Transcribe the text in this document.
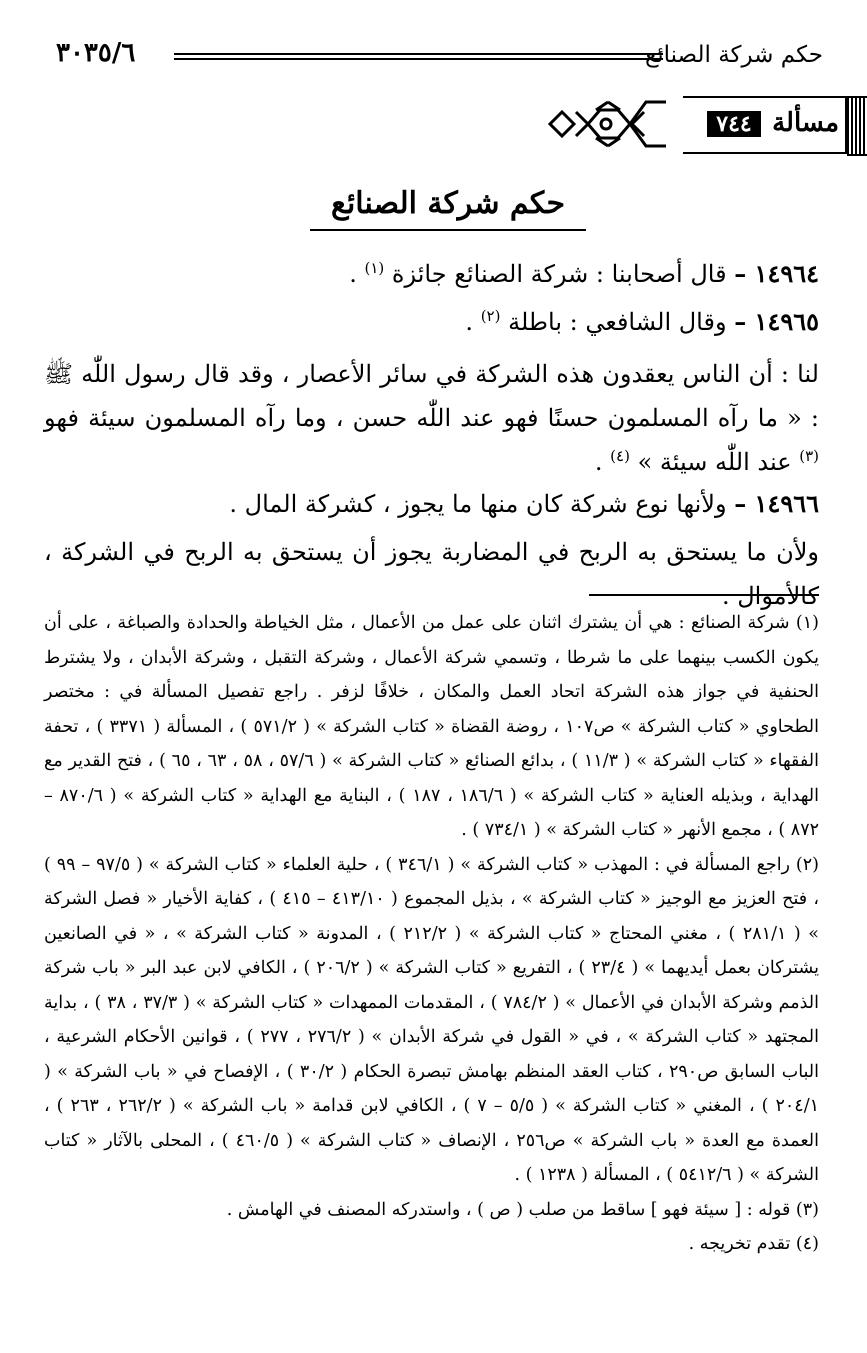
حكم شركة الصنائع
٣٠٣٥/٦
مسألة
٧٤٤
حكم شركة الصنائع
١٤٩٦٤ – قال أصحابنا : شركة الصنائع جائزة $^{(١)}$ .
١٤٩٦٥ – وقال الشافعي : باطلة $^{(٢)}$ .
لنا : أن الناس يعقدون هذه الشركة في سائر الأعصار ، وقد قال رسول اللّٰه ﷺ : « ما رآه المسلمون حسنًا فهو عند اللّٰه حسن ، وما رآه المسلمون سيئة فهو $^{(٣)}$ عند اللّٰه سيئة » $^{(٤)}$ .
١٤٩٦٦ – ولأنها نوع شركة كان منها ما يجوز ، كشركة المال .
ولأن ما يستحق به الربح في المضاربة يجوز أن يستحق به الربح في الشركة ، كالأموال .

(١) شركة الصنائع : هي أن يشترك اثنان على عمل من الأعمال ، مثل الخياطة والحدادة والصباغة ، على أن يكون الكسب بينهما على ما شرطا ، وتسمي شركة الأعمال ، وشركة التقبل ، وشركة الأبدان ، ولا يشترط الحنفية في جواز هذه الشركة اتحاد العمل والمكان ، خلافًا لزفر . راجع تفصيل المسألة في : مختصر الطحاوي « كتاب الشركة » ص١٠٧ ، روضة القضاة « كتاب الشركة » ( ٥٧١/٢ ) ، المسألة ( ٣٣٧١ ) ، تحفة الفقهاء « كتاب الشركة » ( ١١/٣ ) ، بدائع الصنائع « كتاب الشركة » ( ٥٧/٦ ، ٥٨ ، ٦٣ ، ٦٥ ) ، فتح القدير مع الهداية ، وبذيله العناية « كتاب الشركة » ( ١٨٦/٦ ، ١٨٧ ) ، البناية مع الهداية « كتاب الشركة » ( ٨٧٠/٦ – ٨٧٢ ) ، مجمع الأنهر « كتاب الشركة » ( ٧٣٤/١ ) .

(٢) راجع المسألة في : المهذب « كتاب الشركة » ( ٣٤٦/١ ) ، حلية العلماء « كتاب الشركة » ( ٩٧/٥ – ٩٩ ) ، فتح العزيز مع الوجيز « كتاب الشركة » ، بذيل المجموع ( ٤١٣/١٠ – ٤١٥ ) ، كفاية الأخيار « فصل الشركة » ( ٢٨١/١ ) ، مغني المحتاج « كتاب الشركة » ( ٢١٢/٢ ) ، المدونة « كتاب الشركة » ، « في الصانعين يشتركان بعمل أيديهما » ( ٢٣/٤ ) ، التفريع « كتاب الشركة » ( ٢٠٦/٢ ) ، الكافي لابن عبد البر « باب شركة الذمم وشركة الأبدان في الأعمال » ( ٧٨٤/٢ ) ، المقدمات الممهدات « كتاب الشركة » ( ٣٧/٣ ، ٣٨ ) ، بداية المجتهد « كتاب الشركة » ، في « القول في شركة الأبدان » ( ٢٧٦/٢ ، ٢٧٧ ) ، قوانين الأحكام الشرعية ، الباب السابق ص٢٩٠ ، كتاب العقد المنظم بهامش تبصرة الحكام ( ٣٠/٢ ) ، الإفصاح في « باب الشركة » ( ٢٠٤/١ ) ، المغني « كتاب الشركة » ( ٥/٥ – ٧ ) ، الكافي لابن قدامة « باب الشركة » ( ٢٦٢/٢ ، ٢٦٣ ) ، العمدة مع العدة « باب الشركة » ص٢٥٦ ، الإنصاف « كتاب الشركة » ( ٤٦٠/٥ ) ، المحلى بالآثار « كتاب الشركة » ( ٥٤١٢/٦ ) ، المسألة ( ١٢٣٨ ) .

(٣) قوله : [ سيئة فهو ] ساقط من صلب ( ص ) ، واستدركه المصنف في الهامش .

(٤) تقدم تخريجه .
